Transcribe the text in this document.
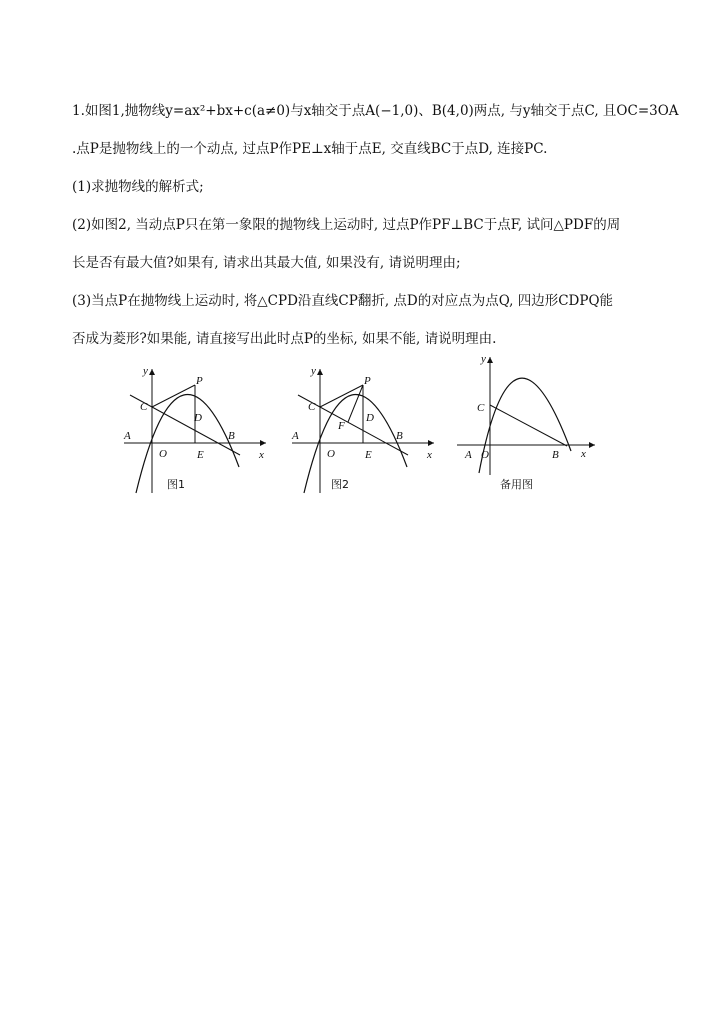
1.如图1,抛物线y=ax²+bx+c(a≠0)与x轴交于点A(−1,0)、B(4,0)两点, 与y轴交于点C, 且OC=3OA
.点P是抛物线上的一个动点, 过点P作PE⊥x轴于点E, 交直线BC于点D, 连接PC.
(1)求抛物线的解析式;
(2)如图2, 当动点P只在第一象限的抛物线上运动时, 过点P作PF⊥BC于点F, 试问△PDF的周
长是否有最大值?如果有, 请求出其最大值, 如果没有, 请说明理由;
(3)当点P在抛物线上运动时, 将△CPD沿直线CP翻折, 点D的对应点为点Q, 四边形CDPQ能
否成为菱形?如果能, 请直接写出此时点P的坐标, 如果不能, 请说明理由.
y
x
A
O	E
B
C
D
P
图1
y
x
A
O	E
B
C
D
P
F
图2
y
x
A O	B
C
备用图
